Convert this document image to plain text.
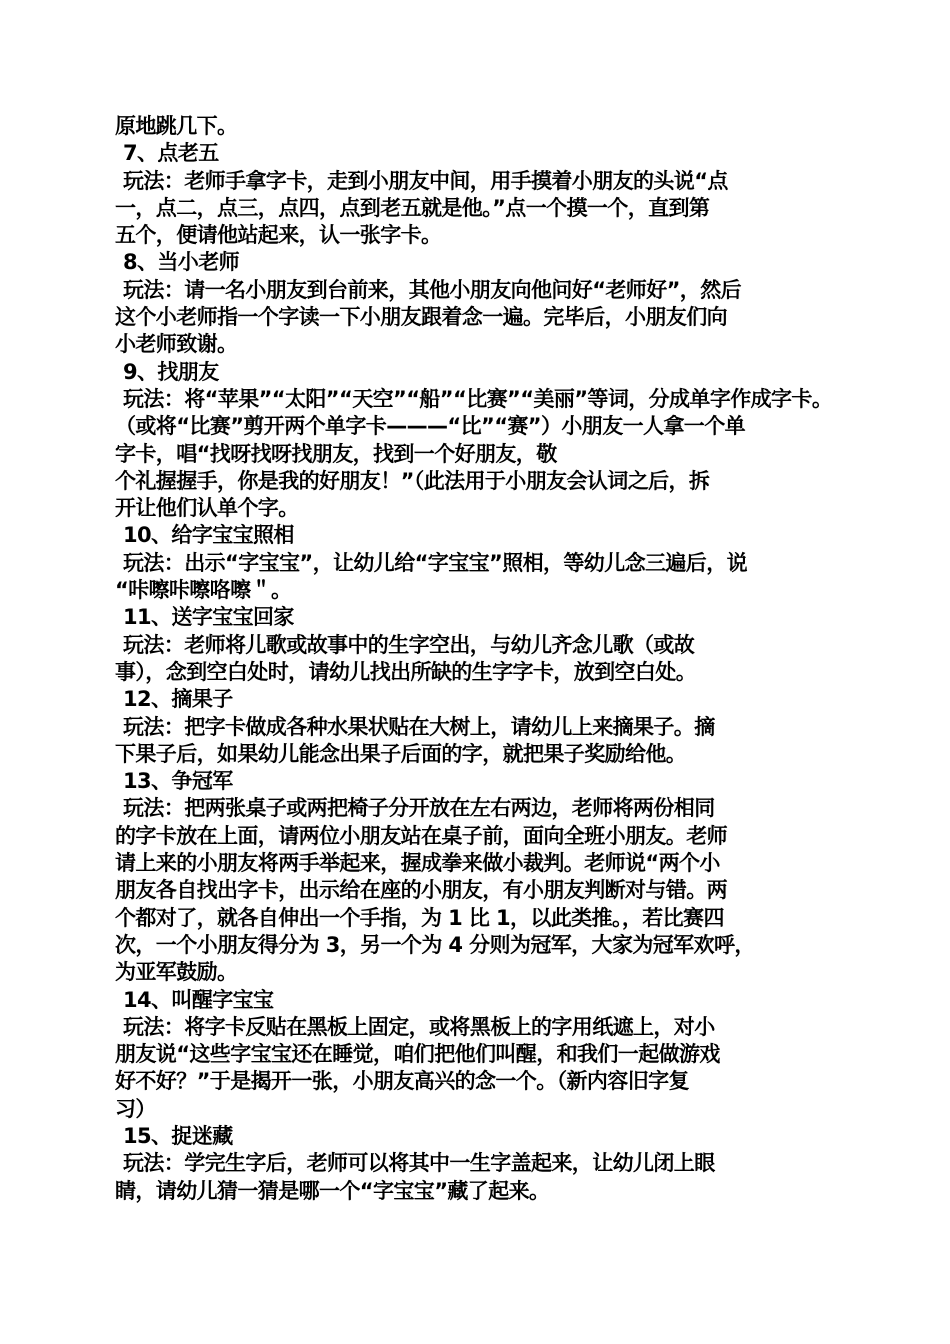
原地跳几下。
7、点老五
玩法：老师手拿字卡，走到小朋友中间，用手摸着小朋友的头说“点
一，点二，点三，点四，点到老五就是他。”点一个摸一个，直到第
五个，便请他站起来，认一张字卡。
8、当小老师
玩法：请一名小朋友到台前来，其他小朋友向他问好“老师好”，然后
这个小老师指一个字读一下小朋友跟着念一遍。完毕后，小朋友们向
小老师致谢。
9、找朋友
玩法：将“苹果”“太阳”“天空”“船”“比赛”“美丽”等词，分成单字作成字卡。
（或将“比赛”剪开两个单字卡———“比”“赛”）小朋友一人拿一个单
字卡，唱“找呀找呀找朋友，找到一个好朋友，敬
个礼握握手，你是我的好朋友！”（此法用于小朋友会认词之后，拆
开让他们认单个字。
10、给字宝宝照相
玩法：出示“字宝宝”，让幼儿给“字宝宝”照相，等幼儿念三遍后，说
“咔嚓咔嚓咯嚓＂。
11、送字宝宝回家
玩法：老师将儿歌或故事中的生字空出，与幼儿齐念儿歌（或故
事），念到空白处时，请幼儿找出所缺的生字字卡，放到空白处。
12、摘果子
玩法：把字卡做成各种水果状贴在大树上，请幼儿上来摘果子。摘
下果子后，如果幼儿能念出果子后面的字，就把果子奖励给他。
13、争冠军
玩法：把两张桌子或两把椅子分开放在左右两边，老师将两份相同
的字卡放在上面，请两位小朋友站在桌子前，面向全班小朋友。老师
请上来的小朋友将两手举起来，握成拳来做小裁判。老师说“两个小
朋友各自找出字卡，出示给在座的小朋友，有小朋友判断对与错。两
个都对了，就各自伸出一个手指，为 1 比 1，以此类推。，若比赛四
次，一个小朋友得分为 3，另一个为 4 分则为冠军，大家为冠军欢呼，
为亚军鼓励。
14、叫醒字宝宝
玩法：将字卡反贴在黑板上固定，或将黑板上的字用纸遮上，对小
朋友说“这些字宝宝还在睡觉，咱们把他们叫醒，和我们一起做游戏
好不好？”于是揭开一张，小朋友高兴的念一个。（新内容旧字复
习）
15、捉迷藏
玩法：学完生字后，老师可以将其中一生字盖起来，让幼儿闭上眼
睛，请幼儿猜一猜是哪一个“字宝宝”藏了起来。
